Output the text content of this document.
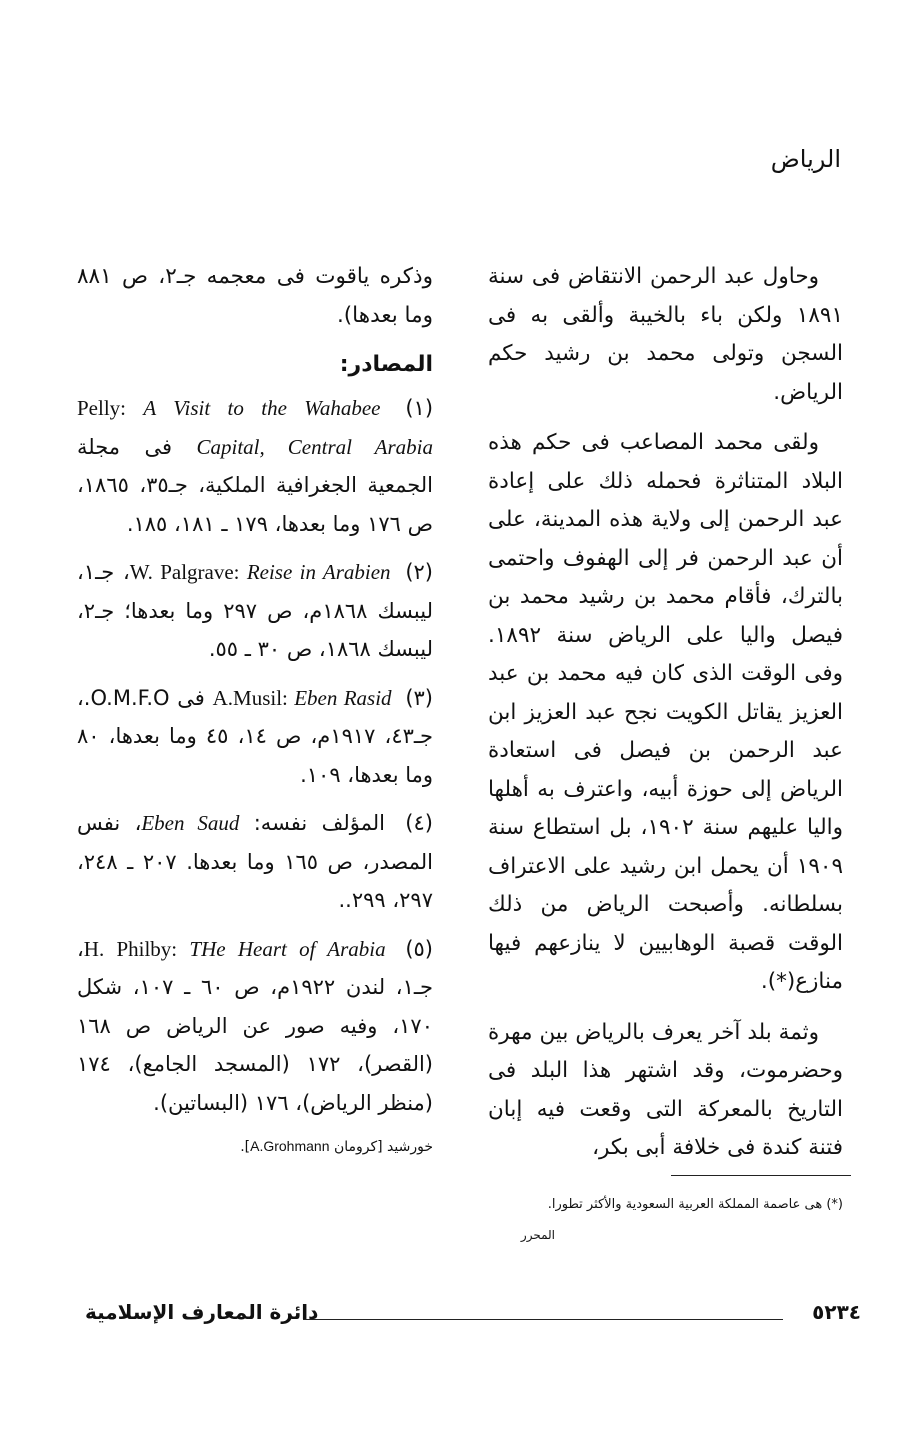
الرياض

وحاول عبد الرحمن الانتقاض فى سنة ١٨٩١ ولكن باء بالخيبة وألقى به فى السجن وتولى محمد بن رشيد حكم الرياض.

ولقى محمد المصاعب فى حكم هذه البلاد المتناثرة فحمله ذلك على إعادة عبد الرحمن إلى ولاية هذه المدينة، على أن عبد الرحمن فر إلى الهفوف واحتمى بالترك، فأقام محمد بن رشيد محمد بن فيصل واليا على الرياض سنة ١٨٩٢. وفى الوقت الذى كان فيه محمد بن عبد العزيز يقاتل الكويت نجح عبد العزيز ابن عبد الرحمن بن فيصل فى استعادة الرياض إلى حوزة أبيه، واعترف به أهلها واليا عليهم سنة ١٩٠٢، بل استطاع سنة ١٩٠٩ أن يحمل ابن رشيد على الاعتراف بسلطانه. وأصبحت الرياض من ذلك الوقت قصبة الوهابيين لا ينازعهم فيها منازع(*).

وثمة بلد آخر يعرف بالرياض بين مهرة وحضرموت، وقد اشتهر هذا البلد فى التاريخ بالمعركة التى وقعت فيه إبان فتنة كندة فى خلافة أبى بكر،

وذكره ياقوت فى معجمه جـ٢، ص ٨٨١ وما بعدها).

المصادر:
(١) Pelly: A Visit to the Wahabee Capital, Central Arabia فى مجلة الجمعية الجغرافية الملكية، جـ٣٥، ١٨٦٥، ص ١٧٦ وما بعدها، ١٧٩ ـ ١٨١، ١٨٥.
(٢) W. Palgrave: Reise in Arabien، جـ١، ليبسك ١٨٦٨م، ص ٢٩٧ وما بعدها؛ جـ٢، ليبسك ١٨٦٨، ص ٣٠ ـ ٥٥.
(٣) A.Musil: Eben Rasid فى O.M.F.O.، جـ٤٣، ١٩١٧م، ص ١٤، ٤٥ وما بعدها، ٨٠ وما بعدها، ١٠٩.
(٤) المؤلف نفسه: Eben Saud، نفس المصدر، ص ١٦٥ وما بعدها. ٢٠٧ ـ ٢٤٨، ٢٩٧، ٢٩٩..
(٥) H. Philby: THe Heart of Arabia، جـ١، لندن ١٩٢٢م، ص ٦٠ ـ ١٠٧، شكل ١٧٠، وفيه صور عن الرياض ص ١٦٨ (القصر)، ١٧٢ (المسجد الجامع)، ١٧٤ (منظر الرياض)، ١٧٦ (البساتين).
خورشيد [كرومان A.Grohmann].
(*) هى عاصمة المملكة العربية السعودية والأكثر تطورا.
المحرر
٥٢٣٤
دائرة المعارف الإسلامية
